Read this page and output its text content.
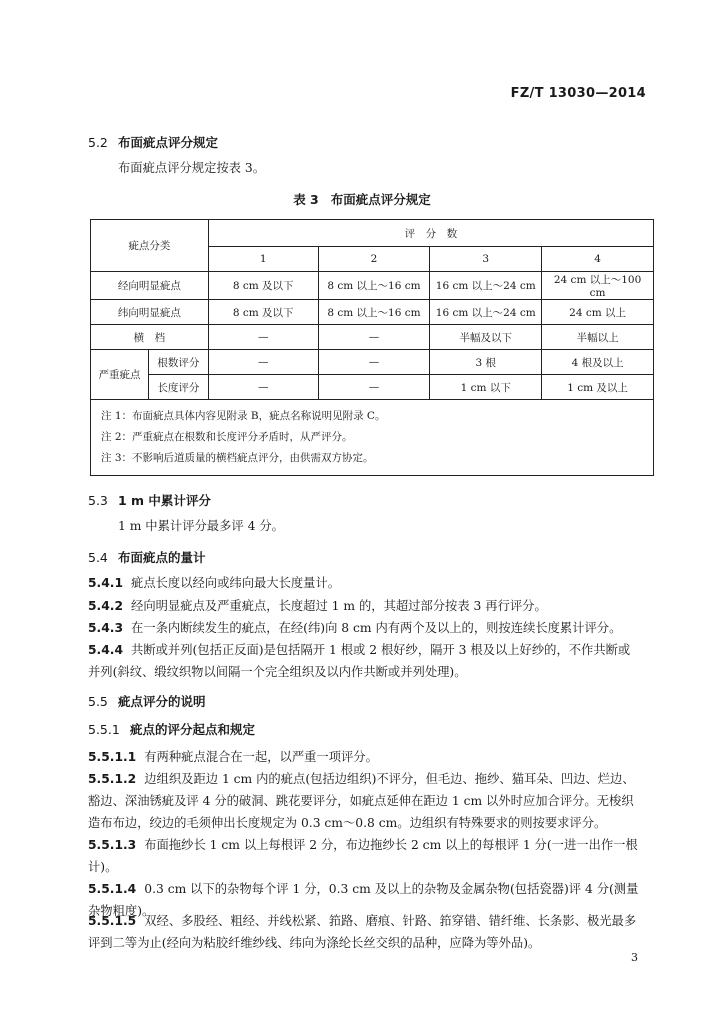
FZ/T 13030—2014
5.2 布面疵点评分规定
布面疵点评分规定按表 3。
表 3 布面疵点评分规定
疵点分类		评　分　数			
		1	2	3	4
经向明显疵点		8 cm 及以下	8 cm 以上～16 cm	16 cm 以上～24 cm	24 cm 以上～100 cm
纬向明显疵点		8 cm 及以下	8 cm 以上～16 cm	16 cm 以上～24 cm	24 cm 以上
横　档		—	—	半幅及以下	半幅以上
严重疵点	根数评分	—	—	3 根	4 根及以上
	长度评分	—	—	1 cm 以下	1 cm 及以上

注 1：布面疵点具体内容见附录 B，疵点名称说明见附录 C。
注 2：严重疵点在根数和长度评分矛盾时，从严评分。
注 3：不影响后道质量的横档疵点评分，由供需双方协定。					
5.3 1 m 中累计评分
1 m 中累计评分最多评 4 分。
5.4 布面疵点的量计
5.4.1 疵点长度以经向或纬向最大长度量计。
5.4.2 经向明显疵点及严重疵点，长度超过 1 m 的，其超过部分按表 3 再行评分。
5.4.3 在一条内断续发生的疵点，在经(纬)向 8 cm 内有两个及以上的，则按连续长度累计评分。
5.4.4 共断或并列(包括正反面)是包括隔开 1 根或 2 根好纱，隔开 3 根及以上好纱的，不作共断或并列(斜纹、缎纹织物以间隔一个完全组织及以内作共断或并列处理)。
5.5 疵点评分的说明
5.5.1 疵点的评分起点和规定
5.5.1.1 有两种疵点混合在一起，以严重一项评分。
5.5.1.2 边组织及距边 1 cm 内的疵点(包括边组织)不评分，但毛边、拖纱、猫耳朵、凹边、烂边、豁边、深油锈疵及评 4 分的破洞、跳花要评分，如疵点延伸在距边 1 cm 以外时应加合评分。无梭织造布布边，绞边的毛须伸出长度规定为 0.3 cm～0.8 cm。边组织有特殊要求的则按要求评分。
5.5.1.3 布面拖纱长 1 cm 以上每根评 2 分，布边拖纱长 2 cm 以上的每根评 1 分(一进一出作一根计)。
5.5.1.4 0.3 cm 以下的杂物每个评 1 分，0.3 cm 及以上的杂物及金属杂物(包括瓷器)评 4 分(测量杂物粗度)。
5.5.1.5 双经、多股经、粗经、并线松紧、筘路、磨痕、针路、筘穿错、错纤维、长条影、极光最多评到二等为止(经向为粘胶纤维纱线、纬向为涤纶长丝交织的品种，应降为等外品)。
3
